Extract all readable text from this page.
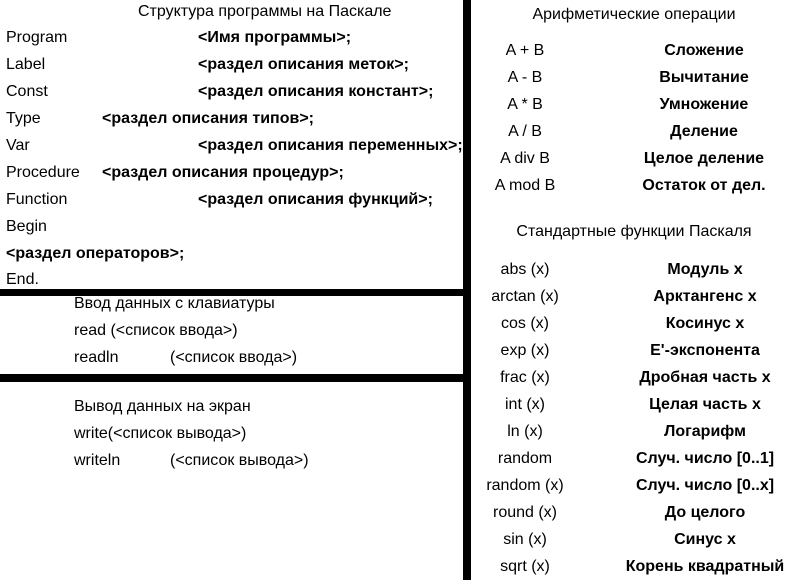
Структура программы на Паскале
Program	<Имя программы>;
Label	<раздел описания меток>;
Const	<раздел описания констант>;
Type	<раздел описания типов>;
Var	<раздел описания переменных>;
Procedure <раздел описания процедур>;
Function	<раздел описания функций>;
Begin
<раздел операторов>;
End.
Ввод данных с клавиатуры
read (<список ввода>)
readln	(<список ввода>)
Вывод данных на экран
write(<список вывода>)
writeln	(<список вывода>)
Арифметические операции
A + B	Сложение
A - B	Вычитание
A * B	Умножение
A / B	Деление
A div B	Целое деление
A mod B	Остаток от дел.
Стандартные функции Паскаля
abs (x)	Модуль x
arctan (x)	Арктангенс x
cos (x)	Косинус x
exp (x)	Е'-экспонента
frac (x)	Дробная часть x
int (x)	Целая часть x
ln (x)	Логарифм
random	Случ. число [0..1]
random (x)	Случ. число [0..x]
round (x)	До целого
sin (x)	Синус x
sqrt (x)	Корень квадратный
